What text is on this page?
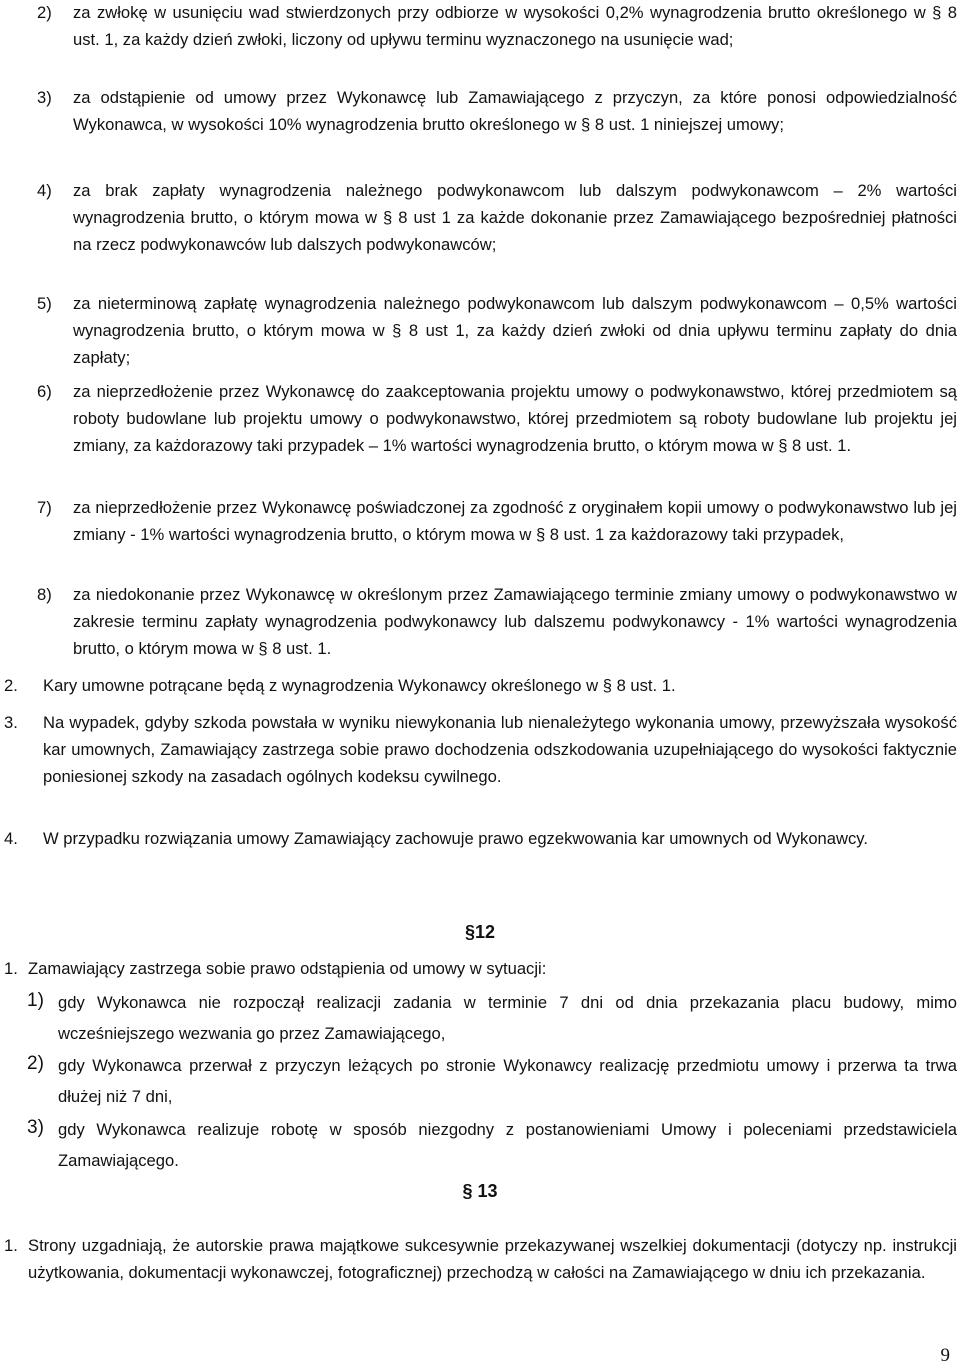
2) za zwłokę w usunięciu wad stwierdzonych przy odbiorze w wysokości 0,2% wynagrodzenia brutto określonego w § 8 ust. 1, za każdy dzień zwłoki, liczony od upływu terminu wyznaczonego na usunięcie wad;
3) za odstąpienie od umowy przez Wykonawcę lub Zamawiającego z przyczyn, za które ponosi odpowiedzialność Wykonawca, w wysokości 10% wynagrodzenia brutto określonego w § 8 ust. 1 niniejszej umowy;
4) za brak zapłaty wynagrodzenia należnego podwykonawcom lub dalszym podwykonawcom – 2% wartości wynagrodzenia brutto, o którym mowa w § 8 ust 1 za każde dokonanie przez Zamawiającego bezpośredniej płatności na rzecz podwykonawców lub dalszych podwykonawców;
5) za nieterminową zapłatę wynagrodzenia należnego podwykonawcom lub dalszym podwykonawcom – 0,5% wartości wynagrodzenia brutto, o którym mowa w § 8 ust 1, za każdy dzień zwłoki od dnia upływu terminu zapłaty do dnia zapłaty;
6) za nieprzedłożenie przez Wykonawcę do zaakceptowania projektu umowy o podwykonawstwo, której przedmiotem są roboty budowlane lub projektu umowy o podwykonawstwo, której przedmiotem są roboty budowlane lub projektu jej zmiany, za każdorazowy taki przypadek – 1% wartości wynagrodzenia brutto, o którym mowa w § 8 ust. 1.
7) za nieprzedłożenie przez Wykonawcę poświadczonej za zgodność z oryginałem kopii umowy o podwykonawstwo lub jej zmiany - 1% wartości wynagrodzenia brutto, o którym mowa w § 8 ust. 1 za każdorazowy taki przypadek,
8) za niedokonanie przez Wykonawcę w określonym przez Zamawiającego terminie zmiany umowy o podwykonawstwo w zakresie terminu zapłaty wynagrodzenia podwykonawcy lub dalszemu podwykonawcy - 1% wartości wynagrodzenia brutto, o którym mowa w § 8 ust. 1.
2. Kary umowne potrącane będą z wynagrodzenia Wykonawcy określonego w § 8 ust. 1.
3. Na wypadek, gdyby szkoda powstała w wyniku niewykonania lub nienależytego wykonania umowy, przewyższała wysokość kar umownych, Zamawiający zastrzega sobie prawo dochodzenia odszkodowania uzupełniającego do wysokości faktycznie poniesionej szkody na zasadach ogólnych kodeksu cywilnego.
4. W przypadku rozwiązania umowy Zamawiający zachowuje prawo egzekwowania kar umownych od Wykonawcy.
§12
1. Zamawiający zastrzega sobie prawo odstąpienia od umowy w sytuacji:
1) gdy Wykonawca nie rozpoczął realizacji zadania w terminie 7 dni od dnia przekazania placu budowy, mimo wcześniejszego wezwania go przez Zamawiającego,
2) gdy Wykonawca przerwał z przyczyn leżących po stronie Wykonawcy realizację przedmiotu umowy i przerwa ta trwa dłużej niż 7 dni,
3) gdy Wykonawca realizuje robotę w sposób niezgodny z postanowieniami Umowy i poleceniami przedstawiciela Zamawiającego.
§ 13
1. Strony uzgadniają, że autorskie prawa majątkowe sukcesywnie przekazywanej wszelkiej dokumentacji (dotyczy np. instrukcji użytkowania, dokumentacji wykonawczej, fotograficznej) przechodzą w całości na Zamawiającego w dniu ich przekazania.
9
